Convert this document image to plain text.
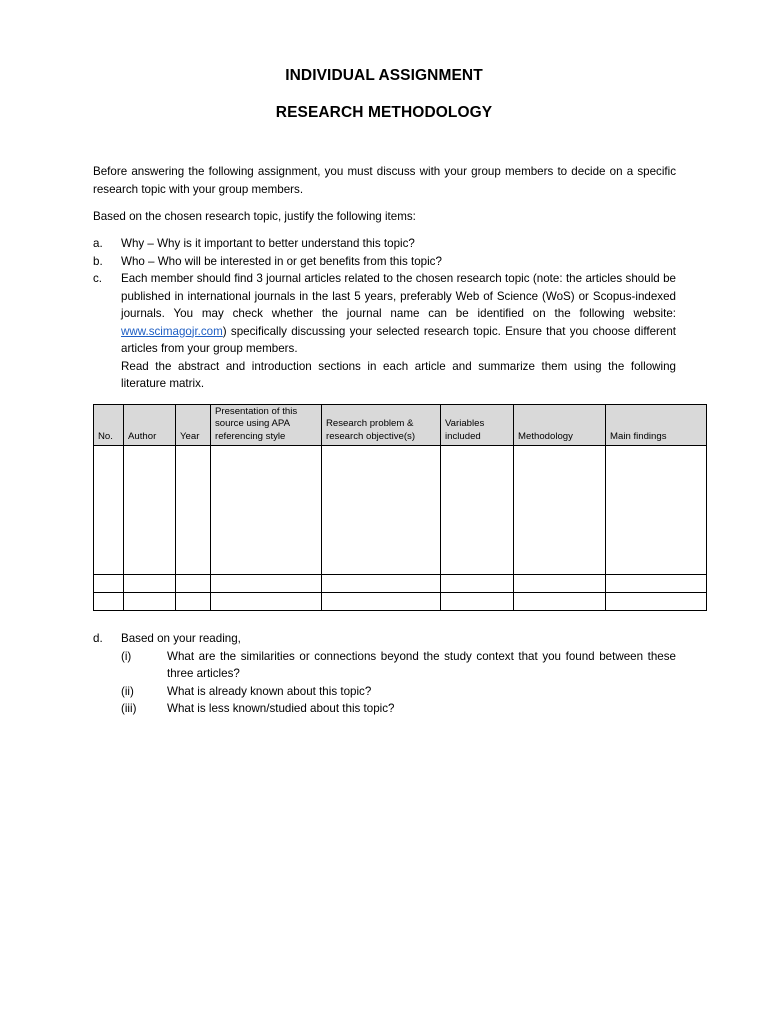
INDIVIDUAL ASSIGNMENT
RESEARCH METHODOLOGY
Before answering the following assignment, you must discuss with your group members to decide on a specific research topic with your group members.
Based on the chosen research topic, justify the following items:
a.	Why – Why is it important to better understand this topic?
b.	Who – Who will be interested in or get benefits from this topic?
c.	Each member should find 3 journal articles related to the chosen research topic (note: the articles should be published in international journals in the last 5 years, preferably Web of Science (WoS) or Scopus-indexed journals. You may check whether the journal name can be identified on the following website: www.scimagojr.com) specifically discussing your selected research topic. Ensure that you choose different articles from your group members.

Read the abstract and introduction sections in each article and summarize them using the following literature matrix.

No.	Author	Year	Presentation of this source using APA referencing style	Research problem & research objective(s)	Variables included	Methodology	Main findings

d.	Based on your reading,
(i)	What are the similarities or connections beyond the study context that you found between these three articles?
(ii)	What is already known about this topic?
(iii)	What is less known/studied about this topic?
